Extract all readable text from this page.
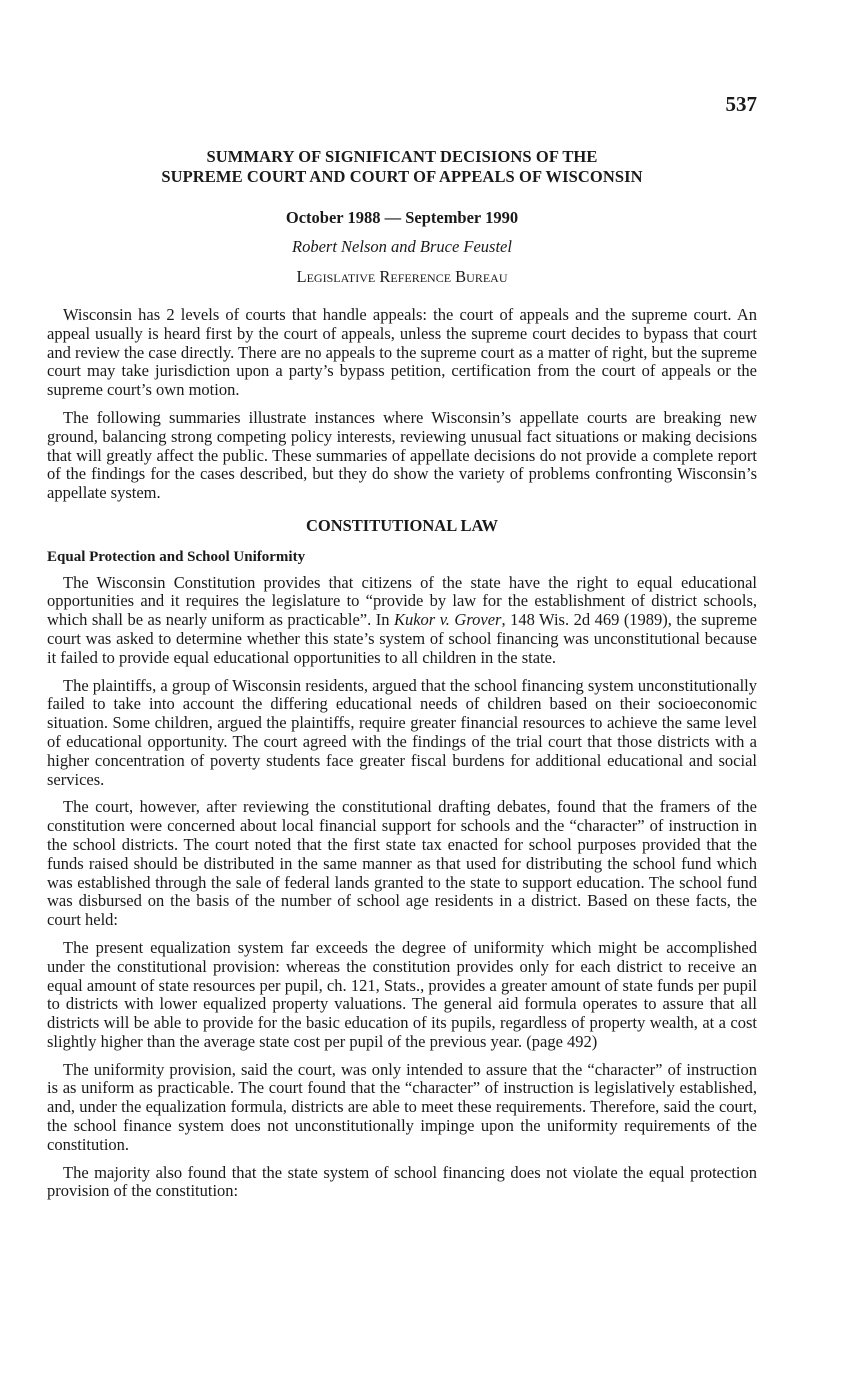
537
SUMMARY OF SIGNIFICANT DECISIONS OF THE
SUPREME COURT AND COURT OF APPEALS OF WISCONSIN
October 1988 — September 1990
Robert Nelson and Bruce Feustel
Legislative Reference Bureau

Wisconsin has 2 levels of courts that handle appeals: the court of appeals and the supreme court. An appeal usually is heard first by the court of appeals, unless the supreme court decides to bypass that court and review the case directly. There are no appeals to the supreme court as a matter of right, but the supreme court may take jurisdiction upon a party’s bypass petition, certification from the court of appeals or the supreme court’s own motion.

The following summaries illustrate instances where Wisconsin’s appellate courts are breaking new ground, balancing strong competing policy interests, reviewing unusual fact situations or making decisions that will greatly affect the public. These summaries of appellate decisions do not provide a complete report of the findings for the cases described, but they do show the variety of problems confronting Wisconsin’s appellate system.

CONSTITUTIONAL LAW
Equal Protection and School Uniformity

The Wisconsin Constitution provides that citizens of the state have the right to equal educational opportunities and it requires the legislature to “provide by law for the establishment of district schools, which shall be as nearly uniform as practicable”. In Kukor v. Grover, 148 Wis. 2d 469 (1989), the supreme court was asked to determine whether this state’s system of school financing was unconstitutional because it failed to provide equal educational opportunities to all children in the state.

The plaintiffs, a group of Wisconsin residents, argued that the school financing system unconstitutionally failed to take into account the differing educational needs of children based on their socioeconomic situation. Some children, argued the plaintiffs, require greater financial resources to achieve the same level of educational opportunity. The court agreed with the findings of the trial court that those districts with a higher concentration of poverty students face greater fiscal burdens for additional educational and social services.

The court, however, after reviewing the constitutional drafting debates, found that the framers of the constitution were concerned about local financial support for schools and the “character” of instruction in the school districts. The court noted that the first state tax enacted for school purposes provided that the funds raised should be distributed in the same manner as that used for distributing the school fund which was established through the sale of federal lands granted to the state to support education. The school fund was disbursed on the basis of the number of school age residents in a district. Based on these facts, the court held:

The present equalization system far exceeds the degree of uniformity which might be accomplished under the constitutional provision: whereas the constitution provides only for each district to receive an equal amount of state resources per pupil, ch. 121, Stats., provides a greater amount of state funds per pupil to districts with lower equalized property valuations. The general aid formula operates to assure that all districts will be able to provide for the basic education of its pupils, regardless of property wealth, at a cost slightly higher than the average state cost per pupil of the previous year. (page 492)

The uniformity provision, said the court, was only intended to assure that the “character” of instruction is as uniform as practicable. The court found that the “character” of instruction is legislatively established, and, under the equalization formula, districts are able to meet these requirements. Therefore, said the court, the school finance system does not unconstitutionally impinge upon the uniformity requirements of the constitution.

The majority also found that the state system of school financing does not violate the equal protection provision of the constitution:
